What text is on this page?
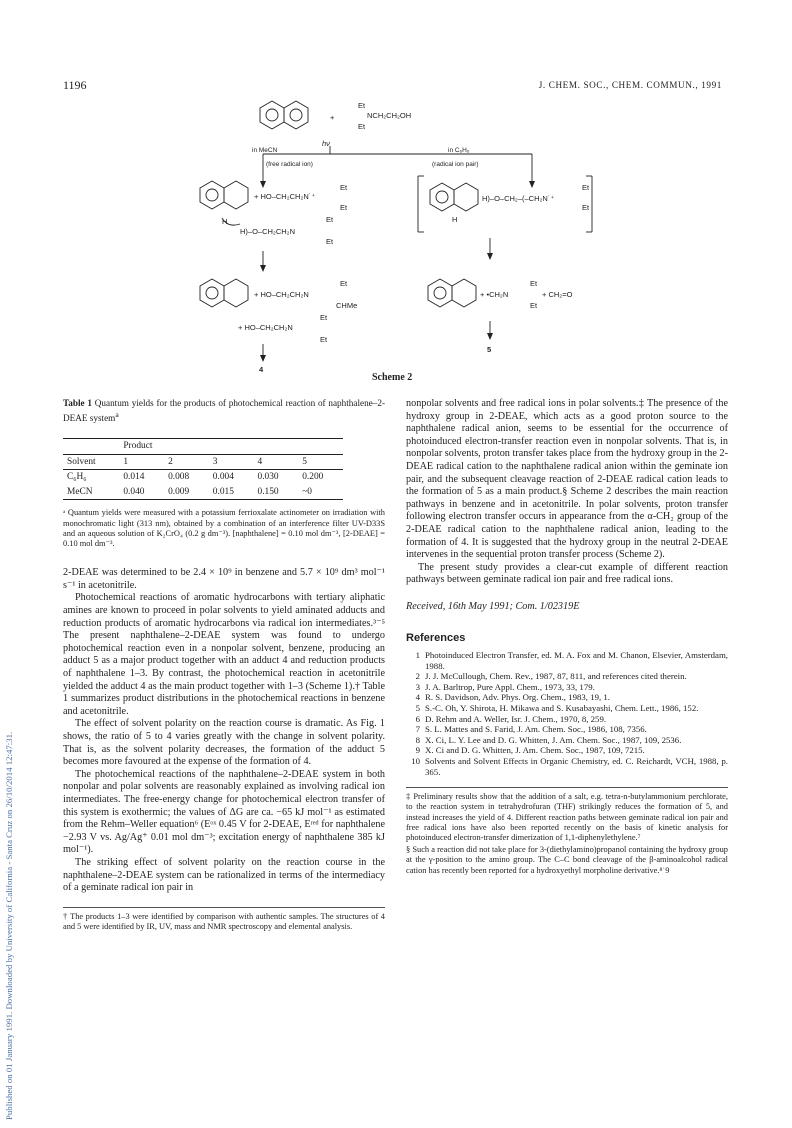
Published on 01 January 1991. Downloaded by University of California - Santa Cruz on 26/10/2014 12:47:31.
1196	J. CHEM. SOC., CHEM. COMMUN., 1991
+
Et
NCH₂CH₂OH
Et
hν
in MeCN
(free radical ion)
in C₆H₆
(radical ion pair)
+ HO–CH₂CH₂N˙⁺
Et
Et
H
H)–O–CH₂CH₂N
Et
Et
H)–O–CH₂–(–CH₂N˙⁺
Et
Et
H
+ HO–CH₂CH₂N
Et
CHMe
+ •CH₂N
Et
Et
+ CH₂=O
+ HO–CH₂CH₂N
Et
Et
4
5
Scheme 2
Table 1 Quantum yields for the products of photochemical reaction of naphthalene–2-DEAE system$^a$
	Product				
Solvent	1	2	3	4	5
C₆H₆	0.014	0.008	0.004	0.030	0.200
MeCN	0.040	0.009	0.015	0.150	~0

ᵃ Quantum yields were measured with a potassium ferrioxalate actinometer on irradiation with monochromatic light (313 nm), obtained by a combination of an interference filter UV-D33S and an aqueous solution of K₂CrO₄ (0.2 g dm⁻³). [naphthalene] = 0.10 mol dm⁻³, [2-DEAE] = 0.10 mol dm⁻³.

2-DEAE was determined to be 2.4 × 10⁹ in benzene and 5.7 × 10⁹ dm³ mol⁻¹ s⁻¹ in acetonitrile.

Photochemical reactions of aromatic hydrocarbons with tertiary aliphatic amines are known to proceed in polar solvents to yield aminated adducts and reduction products of aromatic hydrocarbons via radical ion intermediates.³⁻⁵ The present naphthalene–2-DEAE system was found to undergo photochemical reaction even in a nonpolar solvent, benzene, producing an adduct 5 as a major product together with an adduct 4 and reduction products of naphthalene 1–3. By contrast, the photochemical reaction in acetonitrile yielded the adduct 4 as the main product together with 1–3 (Scheme 1).† Table 1 summarizes product distributions in the photochemical reactions in benzene and acetonitrile.

The effect of solvent polarity on the reaction course is dramatic. As Fig. 1 shows, the ratio of 5 to 4 varies greatly with the change in solvent polarity. That is, as the solvent polarity decreases, the formation of the adduct 5 becomes more favoured at the expense of the formation of 4.

The photochemical reactions of the naphthalene–2-DEAE system in both nonpolar and polar solvents are reasonably explained as involving radical ion intermediates. The free-energy change for photochemical electron transfer of this system is exothermic; the values of ΔG are ca. −65 kJ mol⁻¹ as estimated from the Rehm–Weller equation⁶ (Eᵒˣ 0.45 V for 2-DEAE, Eʳᵉᵈ for naphthalene −2.93 V vs. Ag/Ag⁺ 0.01 mol dm⁻³; excitation energy of naphthalene 385 kJ mol⁻¹).

The striking effect of solvent polarity on the reaction course in the naphthalene–2-DEAE system can be rationalized in terms of the intermediacy of a geminate radical ion pair in

† The products 1–3 were identified by comparison with authentic samples. The structures of 4 and 5 were identified by IR, UV, mass and NMR spectroscopy and elemental analysis.

nonpolar solvents and free radical ions in polar solvents.‡ The presence of the hydroxy group in 2-DEAE, which acts as a good proton source to the naphthalene radical anion, seems to be essential for the occurrence of photoinduced electron-transfer reaction even in nonpolar solvents. That is, in nonpolar solvents, proton transfer takes place from the hydroxy group in the 2-DEAE radical cation to the naphthalene radical anion within the geminate ion pair, and the subsequent cleavage reaction of 2-DEAE radical cation leads to the formation of 5 as a main product.§ Scheme 2 describes the main reaction pathways in benzene and in acetonitrile. In polar solvents, proton transfer following electron transfer occurs in appearance from the α-CH₂ group of the 2-DEAE radical cation to the naphthalene radical anion, leading to the formation of 4. It is suggested that the hydroxy group in the neutral 2-DEAE intervenes in the sequential proton transfer process (Scheme 2).

The present study provides a clear-cut example of different reaction pathways between geminate radical ion pair and free radical ions.

Received, 16th May 1991; Com. 1/02319E

References
1 Photoinduced Electron Transfer, ed. M. A. Fox and M. Chanon, Elsevier, Amsterdam, 1988.
2 J. J. McCullough, Chem. Rev., 1987, 87, 811, and references cited therein.
3 J. A. Barltrop, Pure Appl. Chem., 1973, 33, 179.
4 R. S. Davidson, Adv. Phys. Org. Chem., 1983, 19, 1.
5 S.-C. Oh, Y. Shirota, H. Mikawa and S. Kusabayashi, Chem. Lett., 1986, 152.
6 D. Rehm and A. Weller, Isr. J. Chem., 1970, 8, 259.
7 S. L. Mattes and S. Farid, J. Am. Chem. Soc., 1986, 108, 7356.
8 X. Ci, L. Y. Lee and D. G. Whitten, J. Am. Chem. Soc., 1987, 109, 2536.
9 X. Ci and D. G. Whitten, J. Am. Chem. Soc., 1987, 109, 7215.
10 Solvents and Solvent Effects in Organic Chemistry, ed. C. Reichardt, VCH, 1988, p. 365.

‡ Preliminary results show that the addition of a salt, e.g. tetra-n-butylammonium perchlorate, to the reaction system in tetrahydrofuran (THF) strikingly reduces the formation of 5, and instead increases the yield of 4. Different reaction paths between geminate radical ion pair and free radical ions have also been reported recently on the basis of kinetic analysis for photoinduced electron-transfer dimerization of 1,1-diphenylethylene.⁷

§ Such a reaction did not take place for 3-(diethylamino)propanol containing the hydroxy group at the γ-position to the amino group. The C–C bond cleavage of the β-aminoalcohol radical cation has recently been reported for a hydroxyethyl morpholine derivative.⁸˙9
